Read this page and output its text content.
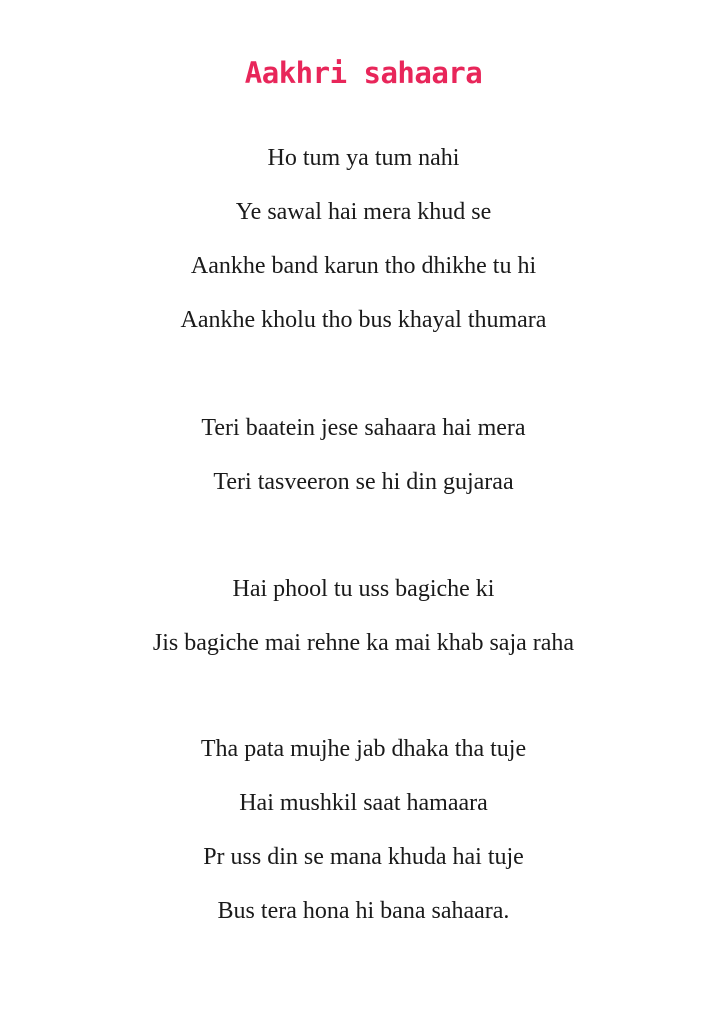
Aakhri sahaara
Ho tum ya tum nahi
Ye sawal hai mera khud se
Aankhe band karun tho dhikhe tu hi
Aankhe kholu tho bus khayal thumara
Teri baatein jese sahaara hai mera
Teri tasveeron se hi din gujaraa
Hai phool tu uss bagiche ki
Jis bagiche mai rehne ka mai khab saja raha
Tha pata mujhe jab dhaka tha tuje
Hai mushkil saat hamaara
Pr uss din se mana khuda hai tuje
Bus tera hona hi bana sahaara.
